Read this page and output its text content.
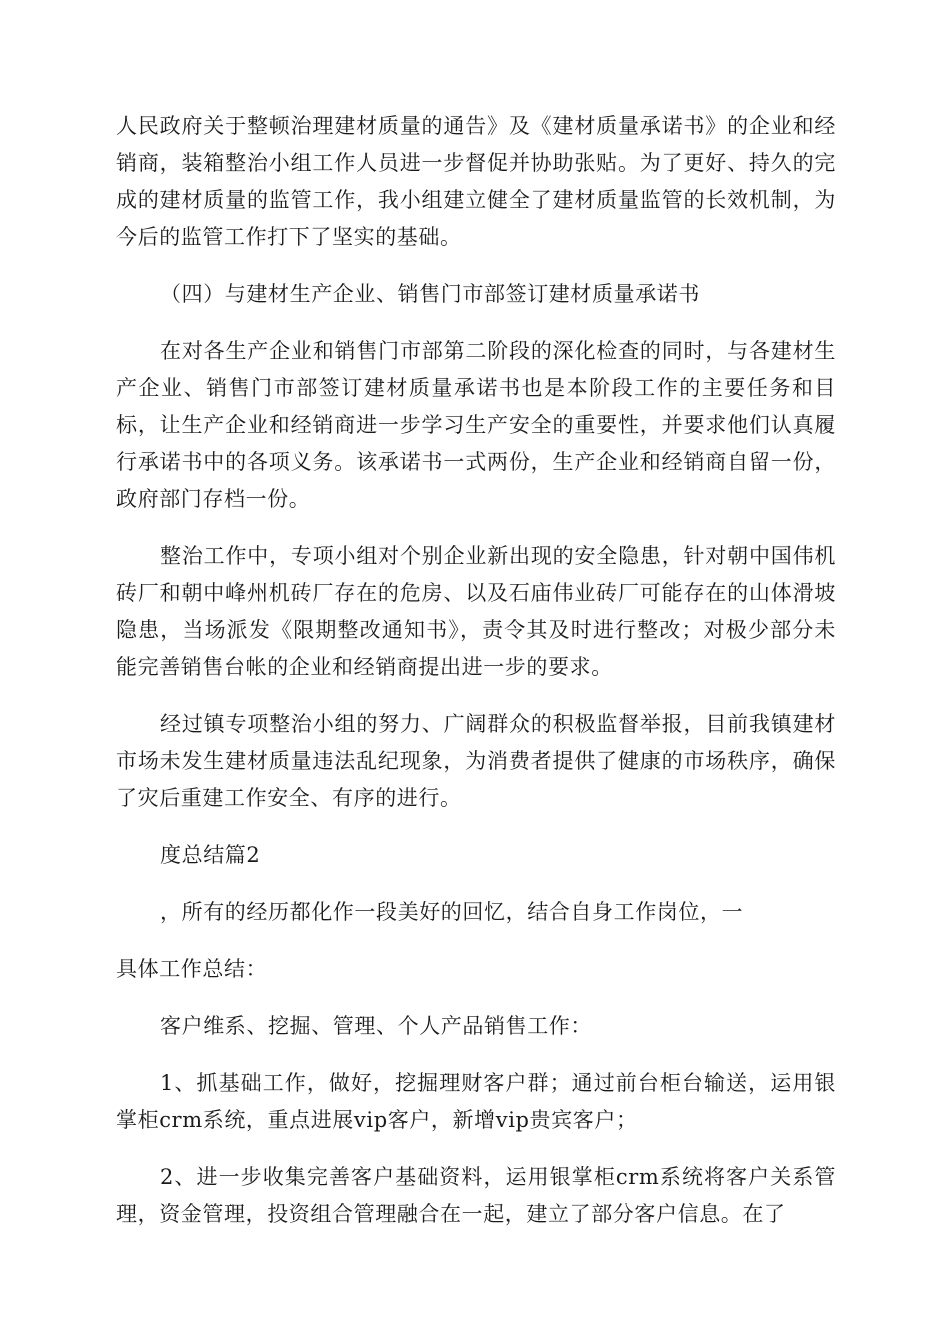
人民政府关于整顿治理建材质量的通告》及《建材质量承诺书》的企业和经销商，装箱整治小组工作人员进一步督促并协助张贴。为了更好、持久的完成的建材质量的监管工作，我小组建立健全了建材质量监管的长效机制，为今后的监管工作打下了坚实的基础。

（四）与建材生产企业、销售门市部签订建材质量承诺书

在对各生产企业和销售门市部第二阶段的深化检查的同时，与各建材生产企业、销售门市部签订建材质量承诺书也是本阶段工作的主要任务和目标，让生产企业和经销商进一步学习生产安全的重要性，并要求他们认真履行承诺书中的各项义务。该承诺书一式两份，生产企业和经销商自留一份，政府部门存档一份。

整治工作中，专项小组对个别企业新出现的安全隐患，针对朝中国伟机砖厂和朝中峰州机砖厂存在的危房、以及石庙伟业砖厂可能存在的山体滑坡隐患，当场派发《限期整改通知书》，责令其及时进行整改；对极少部分未能完善销售台帐的企业和经销商提出进一步的要求。

经过镇专项整治小组的努力、广阔群众的积极监督举报，目前我镇建材市场未发生建材质量违法乱纪现象，为消费者提供了健康的市场秩序，确保了灾后重建工作安全、有序的进行。

度总结篇2

，所有的经历都化作一段美好的回忆，结合自身工作岗位，一

具体工作总结：

客户维系、挖掘、管理、个人产品销售工作：

1、抓基础工作，做好，挖掘理财客户群；通过前台柜台输送，运用银掌柜crm系统，重点进展vip客户，新增vip贵宾客户；

2、进一步收集完善客户基础资料，运用银掌柜crm系统将客户关系管理，资金管理，投资组合管理融合在一起，建立了部分客户信息。在了
